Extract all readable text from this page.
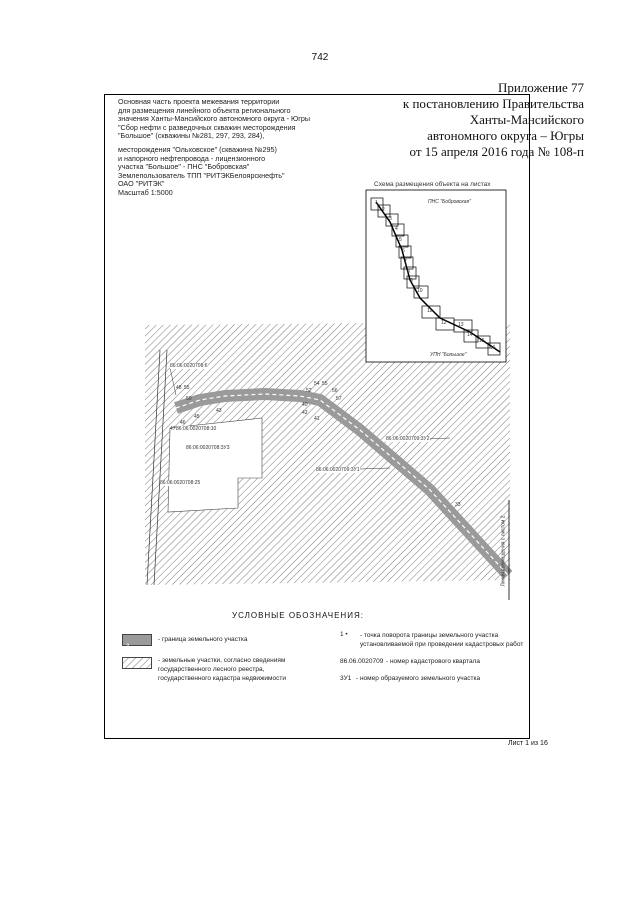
742
Приложение 77
к постановлению Правительства
Ханты-Мансийского
автономного округа – Югры
от 15 апреля 2016 года № 108-п
Основная часть проекта межевания территории
для размещения линейного объекта регионального
значения Ханты-Мансийского автономного округа - Югры
"Сбор нефти с разведочных скважин месторождения
"Большое" (скважины №281, 297, 293, 284),
месторождения "Ольховское" (скважина №295)
и напорного нефтепровода - лицензионного
участка "Большое" - ПНС "Бобровская"
Землепользователь ТПП "РИТЭКБелоярскнефть"
ОАО "РИТЭК"
Масштаб 1:5000
Схема размещения объекта на листах
ПНС "Бобровская"
УПН "Большое"
1
2
3
4
5
6
7
8
9
10
11
12 13
14
15
16
86:06:0020708:6
86:06:0020708:10
86:06:0020708:25
86:06:0020708:3У3
86:06:0020709:3У1
86:06:0020709:3У2
48 55
50
43
45
46
47
54 55
52	56
57
40
41
42
33
Линия совмещения с листом 2
УСЛОВНЫЕ ОБОЗНАЧЕНИЯ:
3
- граница земельного участка
- земельные участки, согласно сведениям государственного лесного реестра, государственного кадастра недвижимости
1 • - точка поворота границы земельного участка установливаемой при проведении кадастровых работ
86.06.0020709 - номер кадастрового квартала
3У1 - номер образуемого земельного участка
Лист 1 из 16
